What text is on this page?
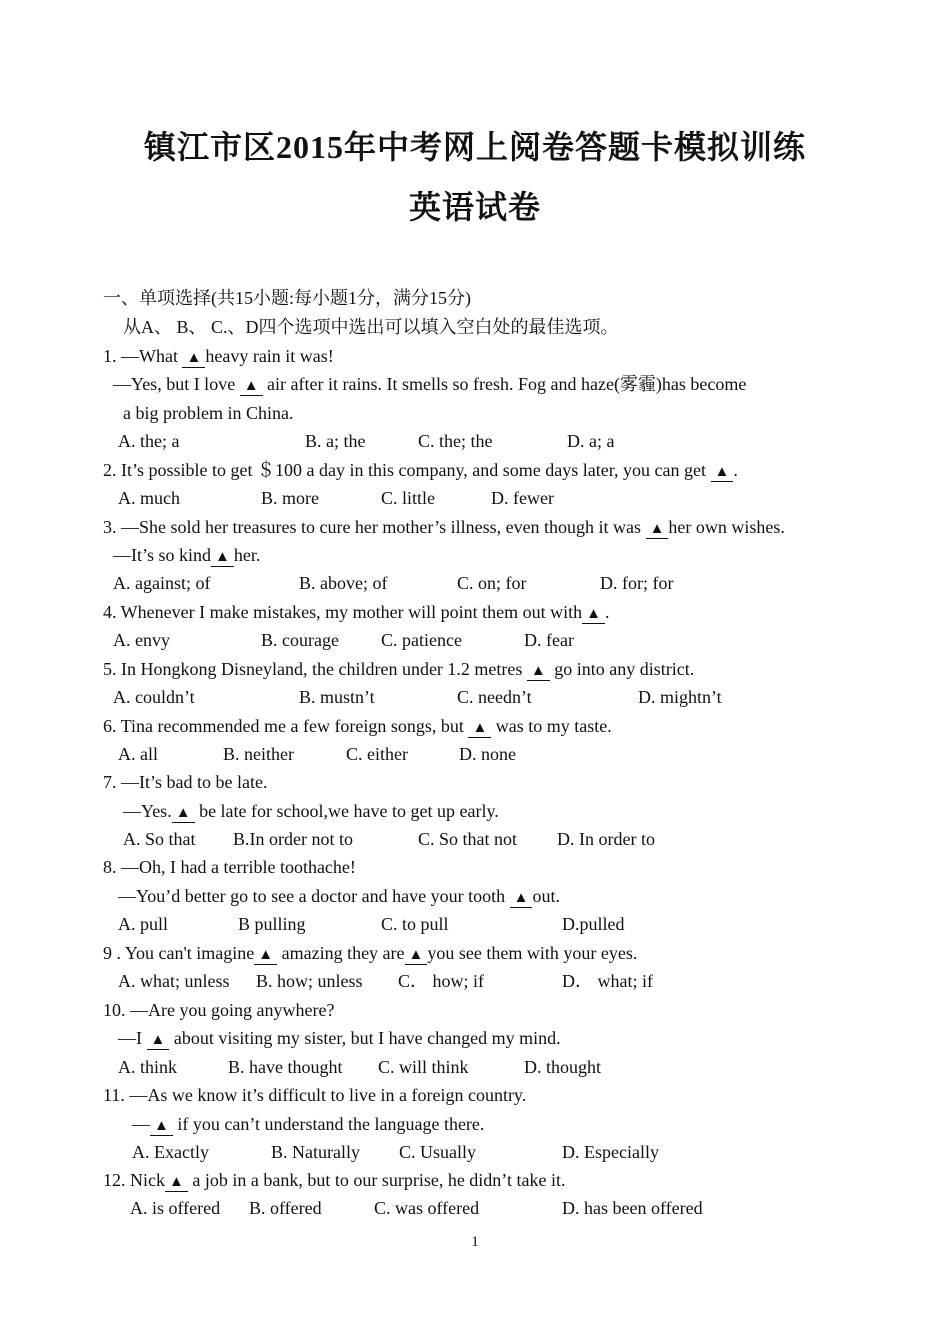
镇江市区2015年中考网上阅卷答题卡模拟训练
英语试卷
一、单项选择(共15小题:每小题1分，满分15分)
从A、 B、 C.、D四个选项中选出可以填入空白处的最佳选项。
1. —What ▲ heavy rain it was!
—Yes, but I love ▲ air after it rains. It smells so fresh. Fog and haze(雾霾)has become
a big problem in China.
A. the; a	B. a; the	C. the; the	D. a; a
2. It’s possible to get ＄100 a day in this company, and some days later, you can get ▲ .
A. much	B. more	C. little	D. fewer
3. —She sold her treasures to cure her mother’s illness, even though it was ▲ her own wishes.
—It’s so kind ▲ her.
A. against; of	B. above; of	C. on; for	D. for; for
4. Whenever I make mistakes, my mother will point them out with ▲ .
A. envy	B. courage C. patience	D. fear
5. In Hongkong Disneyland, the children under 1.2 metres ▲ go into any district.
A. couldn’t	B. mustn’t	C. needn’t	D. mightn’t
6. Tina recommended me a few foreign songs, but ▲ was to my taste.
A. all	B. neither	C. either	D. none
7. —It’s bad to be late.
—Yes. ▲ be late for school,we have to get up early.
A. So that B.In order not to	C. So that not D. In order to
8. —Oh, I had a terrible toothache!
—You’d better go to see a doctor and have your tooth ▲ out.
A. pull	B pulling	C. to pull	D.pulled
9 . You can't imagine ▲ amazing they are ▲ you see them with your eyes.
A. what; unless B. how; unless C． how; if	D． what; if
10. —Are you going anywhere?
—I ▲ about visiting my sister, but I have changed my mind.
A. think	B. have thought C. will think	D. thought
11. —As we know it’s difficult to live in a foreign country.
— ▲ if you can’t understand the language there.
A. Exactly	B. Naturally C. Usually	D. Especially
12. Nick ▲ a job in a bank, but to our surprise, he didn’t take it.
A. is offered B. offered	C. was offered	D. has been offered
1
